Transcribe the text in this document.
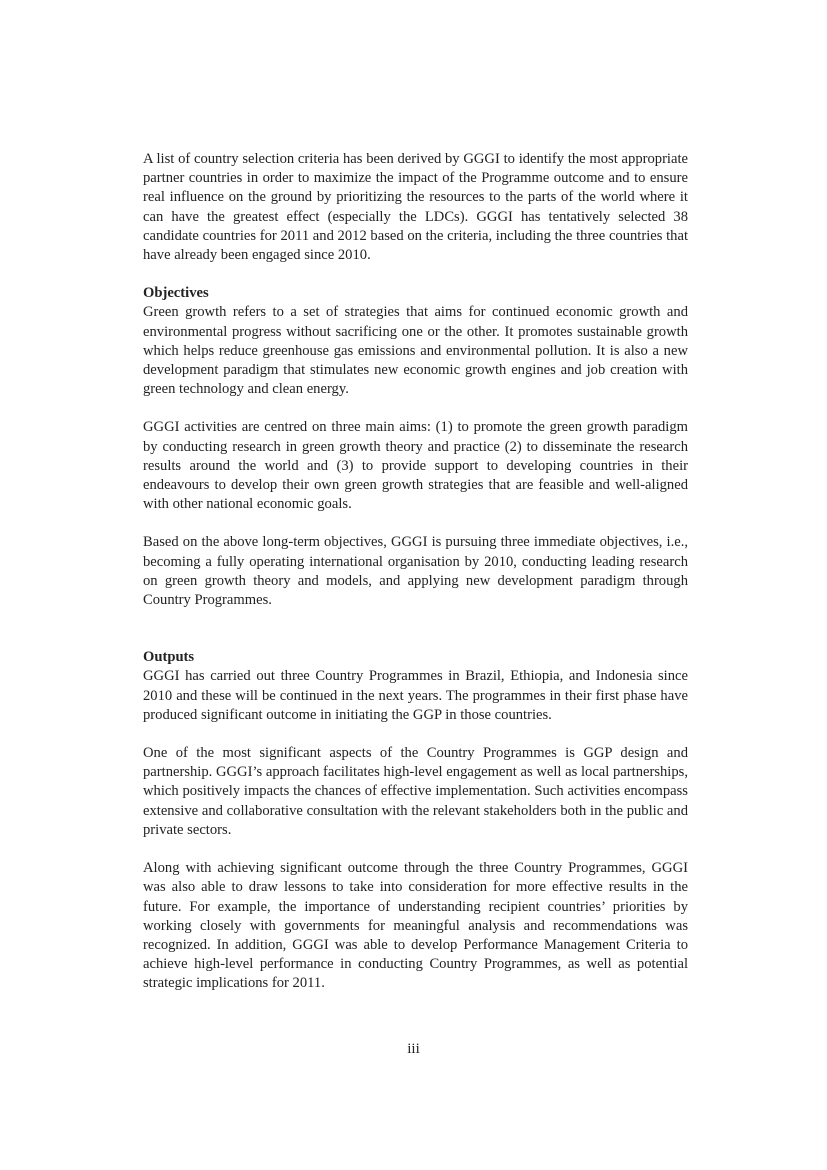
A list of country selection criteria has been derived by GGGI to identify the most appropriate partner countries in order to maximize the impact of the Programme outcome and to ensure real influence on the ground by prioritizing the resources to the parts of the world where it can have the greatest effect (especially the LDCs). GGGI has tentatively selected 38 candidate countries for 2011 and 2012 based on the criteria, including the three countries that have already been engaged since 2010.

Objectives

Green growth refers to a set of strategies that aims for continued economic growth and environmental progress without sacrificing one or the other. It promotes sustainable growth which helps reduce greenhouse gas emissions and environmental pollution. It is also a new development paradigm that stimulates new economic growth engines and job creation with green technology and clean energy.

GGGI activities are centred on three main aims: (1) to promote the green growth paradigm by conducting research in green growth theory and practice (2) to disseminate the research results around the world and (3) to provide support to developing countries in their endeavours to develop their own green growth strategies that are feasible and well-aligned with other national economic goals.

Based on the above long-term objectives, GGGI is pursuing three immediate objectives, i.e., becoming a fully operating international organisation by 2010, conducting leading research on green growth theory and models, and applying new development paradigm through Country Programmes.

Outputs

GGGI has carried out three Country Programmes in Brazil, Ethiopia, and Indonesia since 2010 and these will be continued in the next years. The programmes in their first phase have produced significant outcome in initiating the GGP in those countries.

One of the most significant aspects of the Country Programmes is GGP design and partnership. GGGI’s approach facilitates high-level engagement as well as local partnerships, which positively impacts the chances of effective implementation. Such activities encompass extensive and collaborative consultation with the relevant stakeholders both in the public and private sectors.

Along with achieving significant outcome through the three Country Programmes, GGGI was also able to draw lessons to take into consideration for more effective results in the future. For example, the importance of understanding recipient countries’ priorities by working closely with governments for meaningful analysis and recommendations was recognized. In addition, GGGI was able to develop Performance Management Criteria to achieve high-level performance in conducting Country Programmes, as well as potential strategic implications for 2011.

iii
